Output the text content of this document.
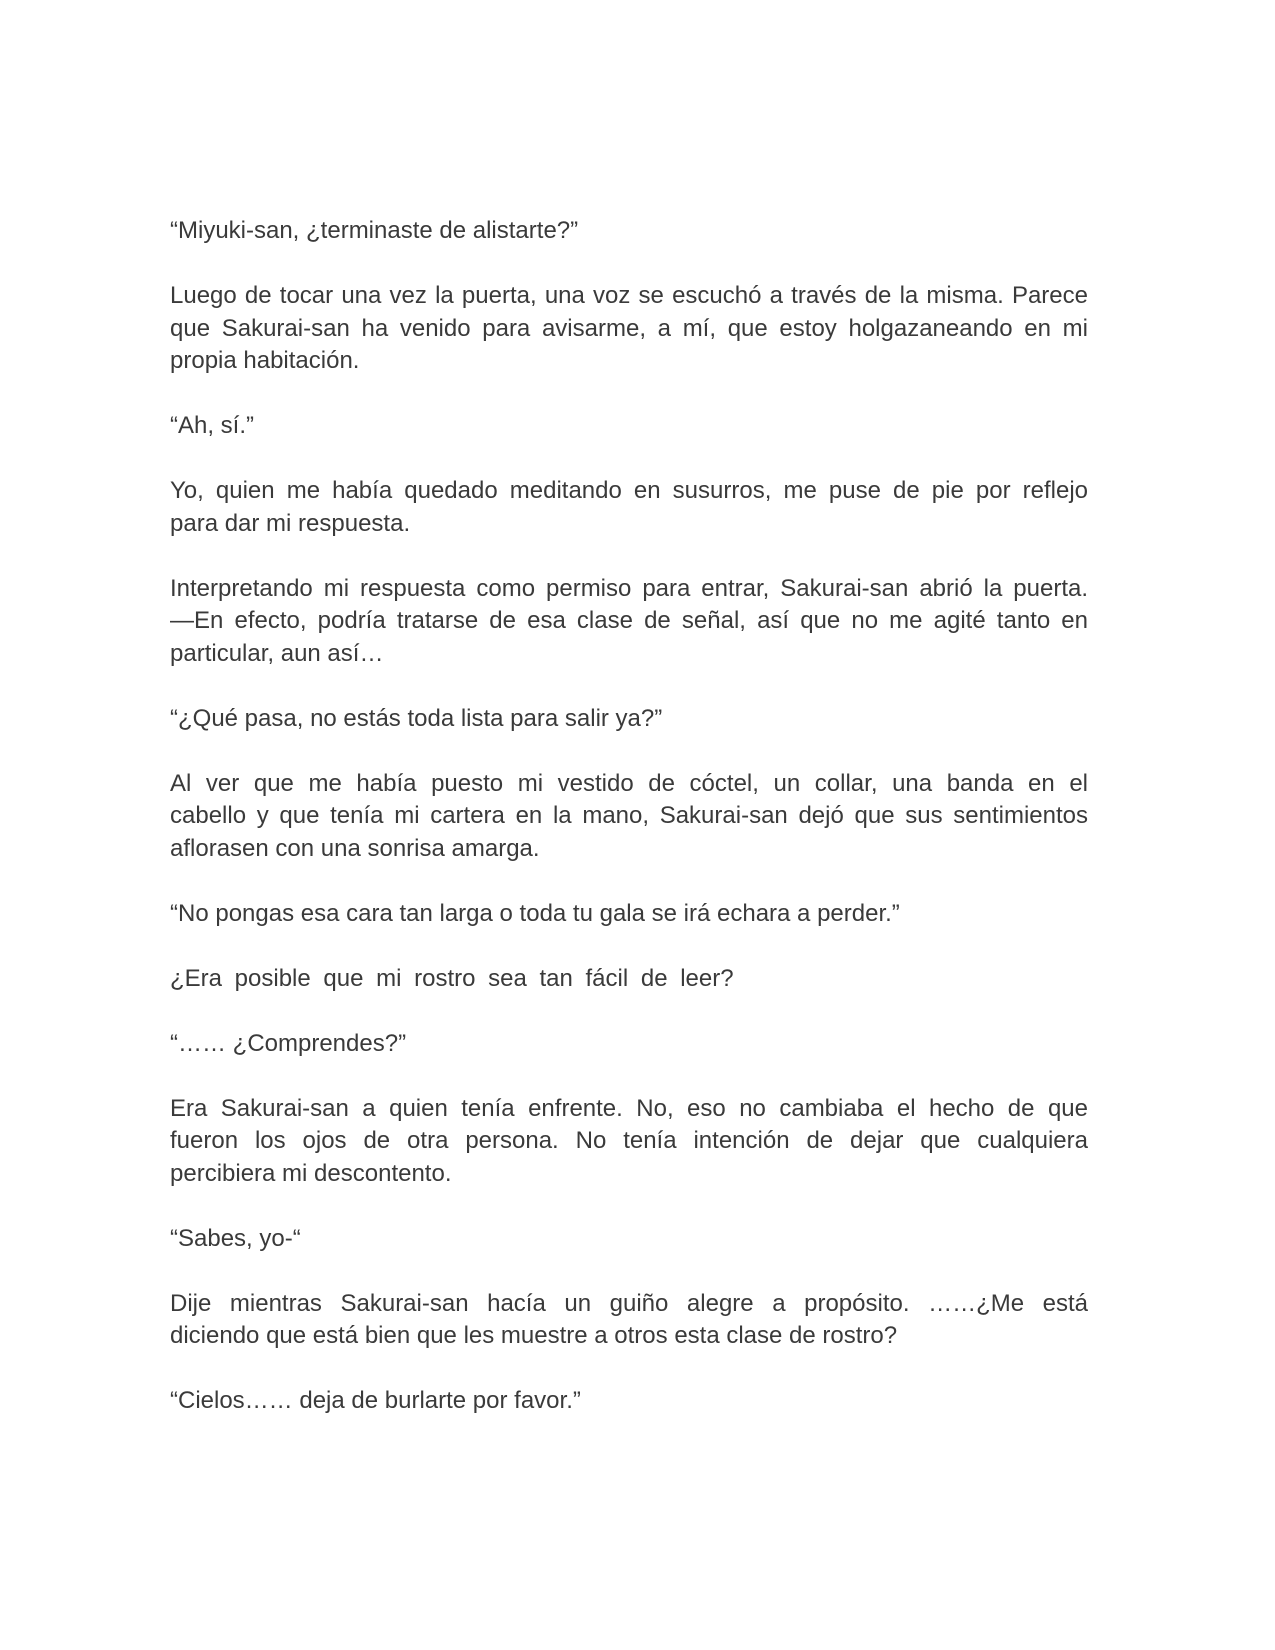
“Miyuki-san, ¿terminaste de alistarte?”
Luego de tocar una vez la puerta, una voz se escuchó a través de la misma. Parece
que Sakurai-san ha venido para avisarme, a mí, que estoy holgazaneando en mi
propia habitación.
“Ah, sí.”
Yo, quien me había quedado meditando en susurros, me puse de pie por reflejo
para dar mi respuesta.
Interpretando mi respuesta como permiso para entrar, Sakurai-san abrió la puerta.
—En efecto, podría tratarse de esa clase de señal, así que no me agité tanto en
particular, aun así…
“¿Qué pasa, no estás toda lista para salir ya?”
Al ver que me había puesto mi vestido de cóctel, un collar, una banda en el
cabello y que tenía mi cartera en la mano, Sakurai-san dejó que sus sentimientos
aflorasen con una sonrisa amarga.
“No pongas esa cara tan larga o toda tu gala se irá echara a perder.”
¿Era posible que mi rostro sea tan fácil de leer?
“…… ¿Comprendes?”
Era Sakurai-san a quien tenía enfrente. No, eso no cambiaba el hecho de que
fueron los ojos de otra persona. No tenía intención de dejar que cualquiera
percibiera mi descontento.
“Sabes, yo-“
Dije mientras Sakurai-san hacía un guiño alegre a propósito. ……¿Me está
diciendo que está bien que les muestre a otros esta clase de rostro?
“Cielos…… deja de burlarte por favor.”
